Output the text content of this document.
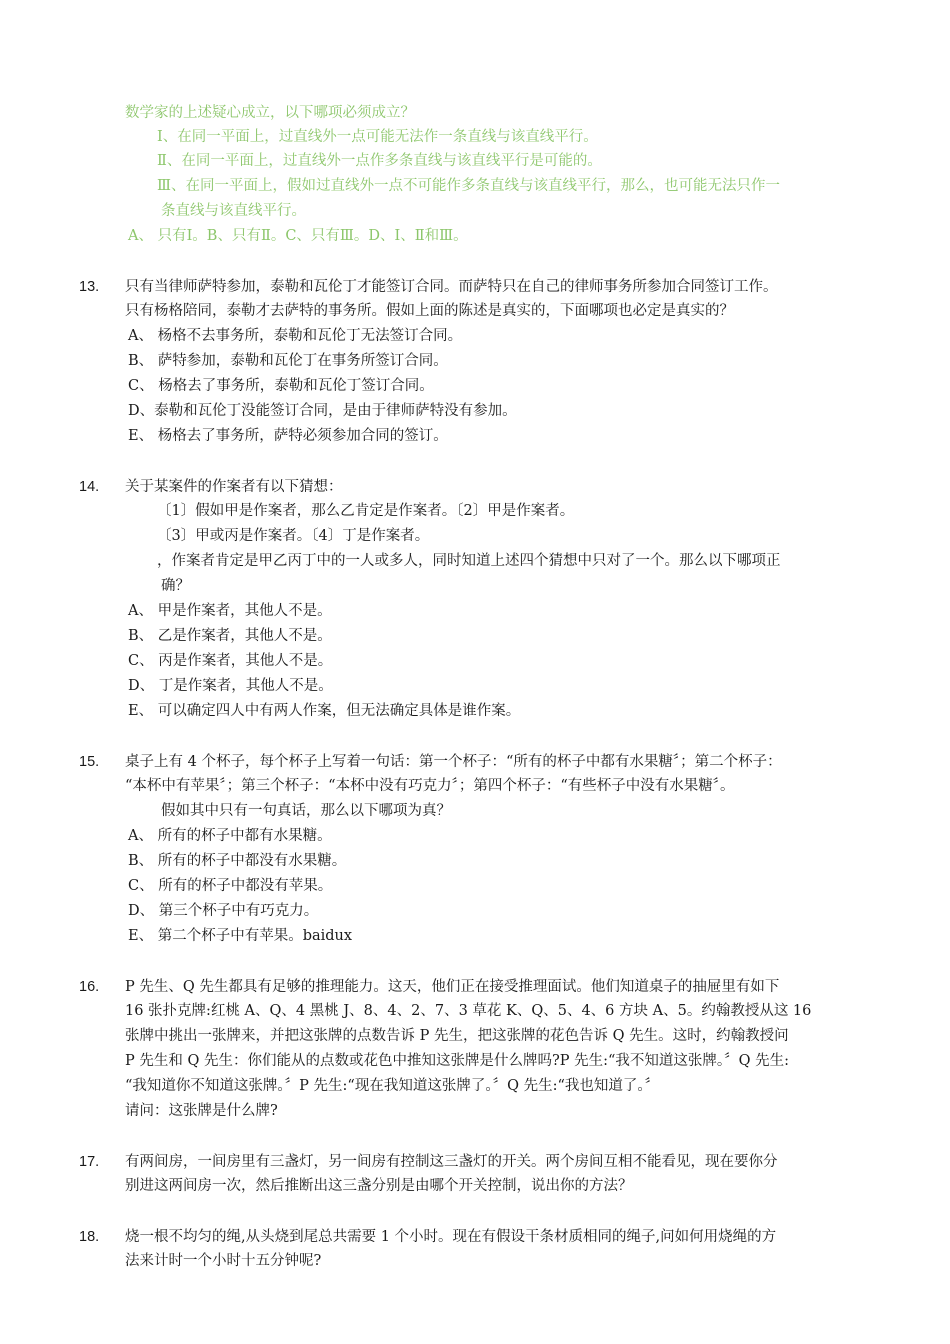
数学家的上述疑心成立，以下哪项必须成立？
Ⅰ、在同一平面上，过直线外一点可能无法作一条直线与该直线平行。
Ⅱ、在同一平面上，过直线外一点作多条直线与该直线平行是可能的。
Ⅲ、在同一平面上，假如过直线外一点不可能作多条直线与该直线平行，那么，也可能无法只作一
条直线与该直线平行。
A、 只有Ⅰ。B、只有Ⅱ。C、只有Ⅲ。D、Ⅰ、Ⅱ和Ⅲ。
13. 只有当律师萨特参加，泰勒和瓦伦丁才能签订合同。而萨特只在自己的律师事务所参加合同签订工作。
只有杨格陪同，泰勒才去萨特的事务所。假如上面的陈述是真实的，下面哪项也必定是真实的？
A、 杨格不去事务所，泰勒和瓦伦丁无法签订合同。
B、 萨特参加，泰勒和瓦伦丁在事务所签订合同。
C、 杨格去了事务所，泰勒和瓦伦丁签订合同。
D、泰勒和瓦伦丁没能签订合同，是由于律师萨特没有参加。
E、 杨格去了事务所，萨特必须参加合同的签订。
14. 关于某案件的作案者有以下猜想：
〔1〕假如甲是作案者，那么乙肯定是作案者。〔2〕甲是作案者。
〔3〕甲或丙是作案者。〔4〕丁是作案者。
，作案者肯定是甲乙丙丁中的一人或多人，同时知道上述四个猜想中只对了一个。那么以下哪项正
确？
A、 甲是作案者，其他人不是。
B、 乙是作案者，其他人不是。
C、 丙是作案者，其他人不是。
D、 丁是作案者，其他人不是。
E、 可以确定四人中有两人作案，但无法确定具体是谁作案。
15. 桌子上有 4 个杯子，每个杯子上写着一句话：第一个杯子：“所有的杯子中都有水果糖〞；第二个杯子：
“本杯中有苹果〞；第三个杯子：“本杯中没有巧克力〞；第四个杯子：“有些杯子中没有水果糖〞。
假如其中只有一句真话，那么以下哪项为真？
A、 所有的杯子中都有水果糖。
B、 所有的杯子中都没有水果糖。
C、 所有的杯子中都没有苹果。
D、 第三个杯子中有巧克力。
E、 第二个杯子中有苹果。baidux
16. P 先生、Q 先生都具有足够的推理能力。这天，他们正在接受推理面试。他们知道桌子的抽屉里有如下
16 张扑克牌:红桃 A、Q、4 黑桃 J、8、4、2、7、3 草花 K、Q、5、4、6 方块 A、5。约翰教授从这 16
张牌中挑出一张牌来，并把这张牌的点数告诉 P 先生，把这张牌的花色告诉 Q 先生。这时，约翰教授问
P 先生和 Q 先生：你们能从的点数或花色中推知这张牌是什么牌吗?P 先生:“我不知道这张牌。〞Q 先生:
“我知道你不知道这张牌。〞P 先生:“现在我知道这张牌了。〞Q 先生:“我也知道了。〞
请问：这张牌是什么牌?
17. 有两间房，一间房里有三盏灯，另一间房有控制这三盏灯的开关。两个房间互相不能看见，现在要你分
别进这两间房一次，然后推断出这三盏分别是由哪个开关控制，说出你的方法？
18. 烧一根不均匀的绳,从头烧到尾总共需要 1 个小时。现在有假设干条材质相同的绳子,问如何用烧绳的方
法来计时一个小时十五分钟呢?
